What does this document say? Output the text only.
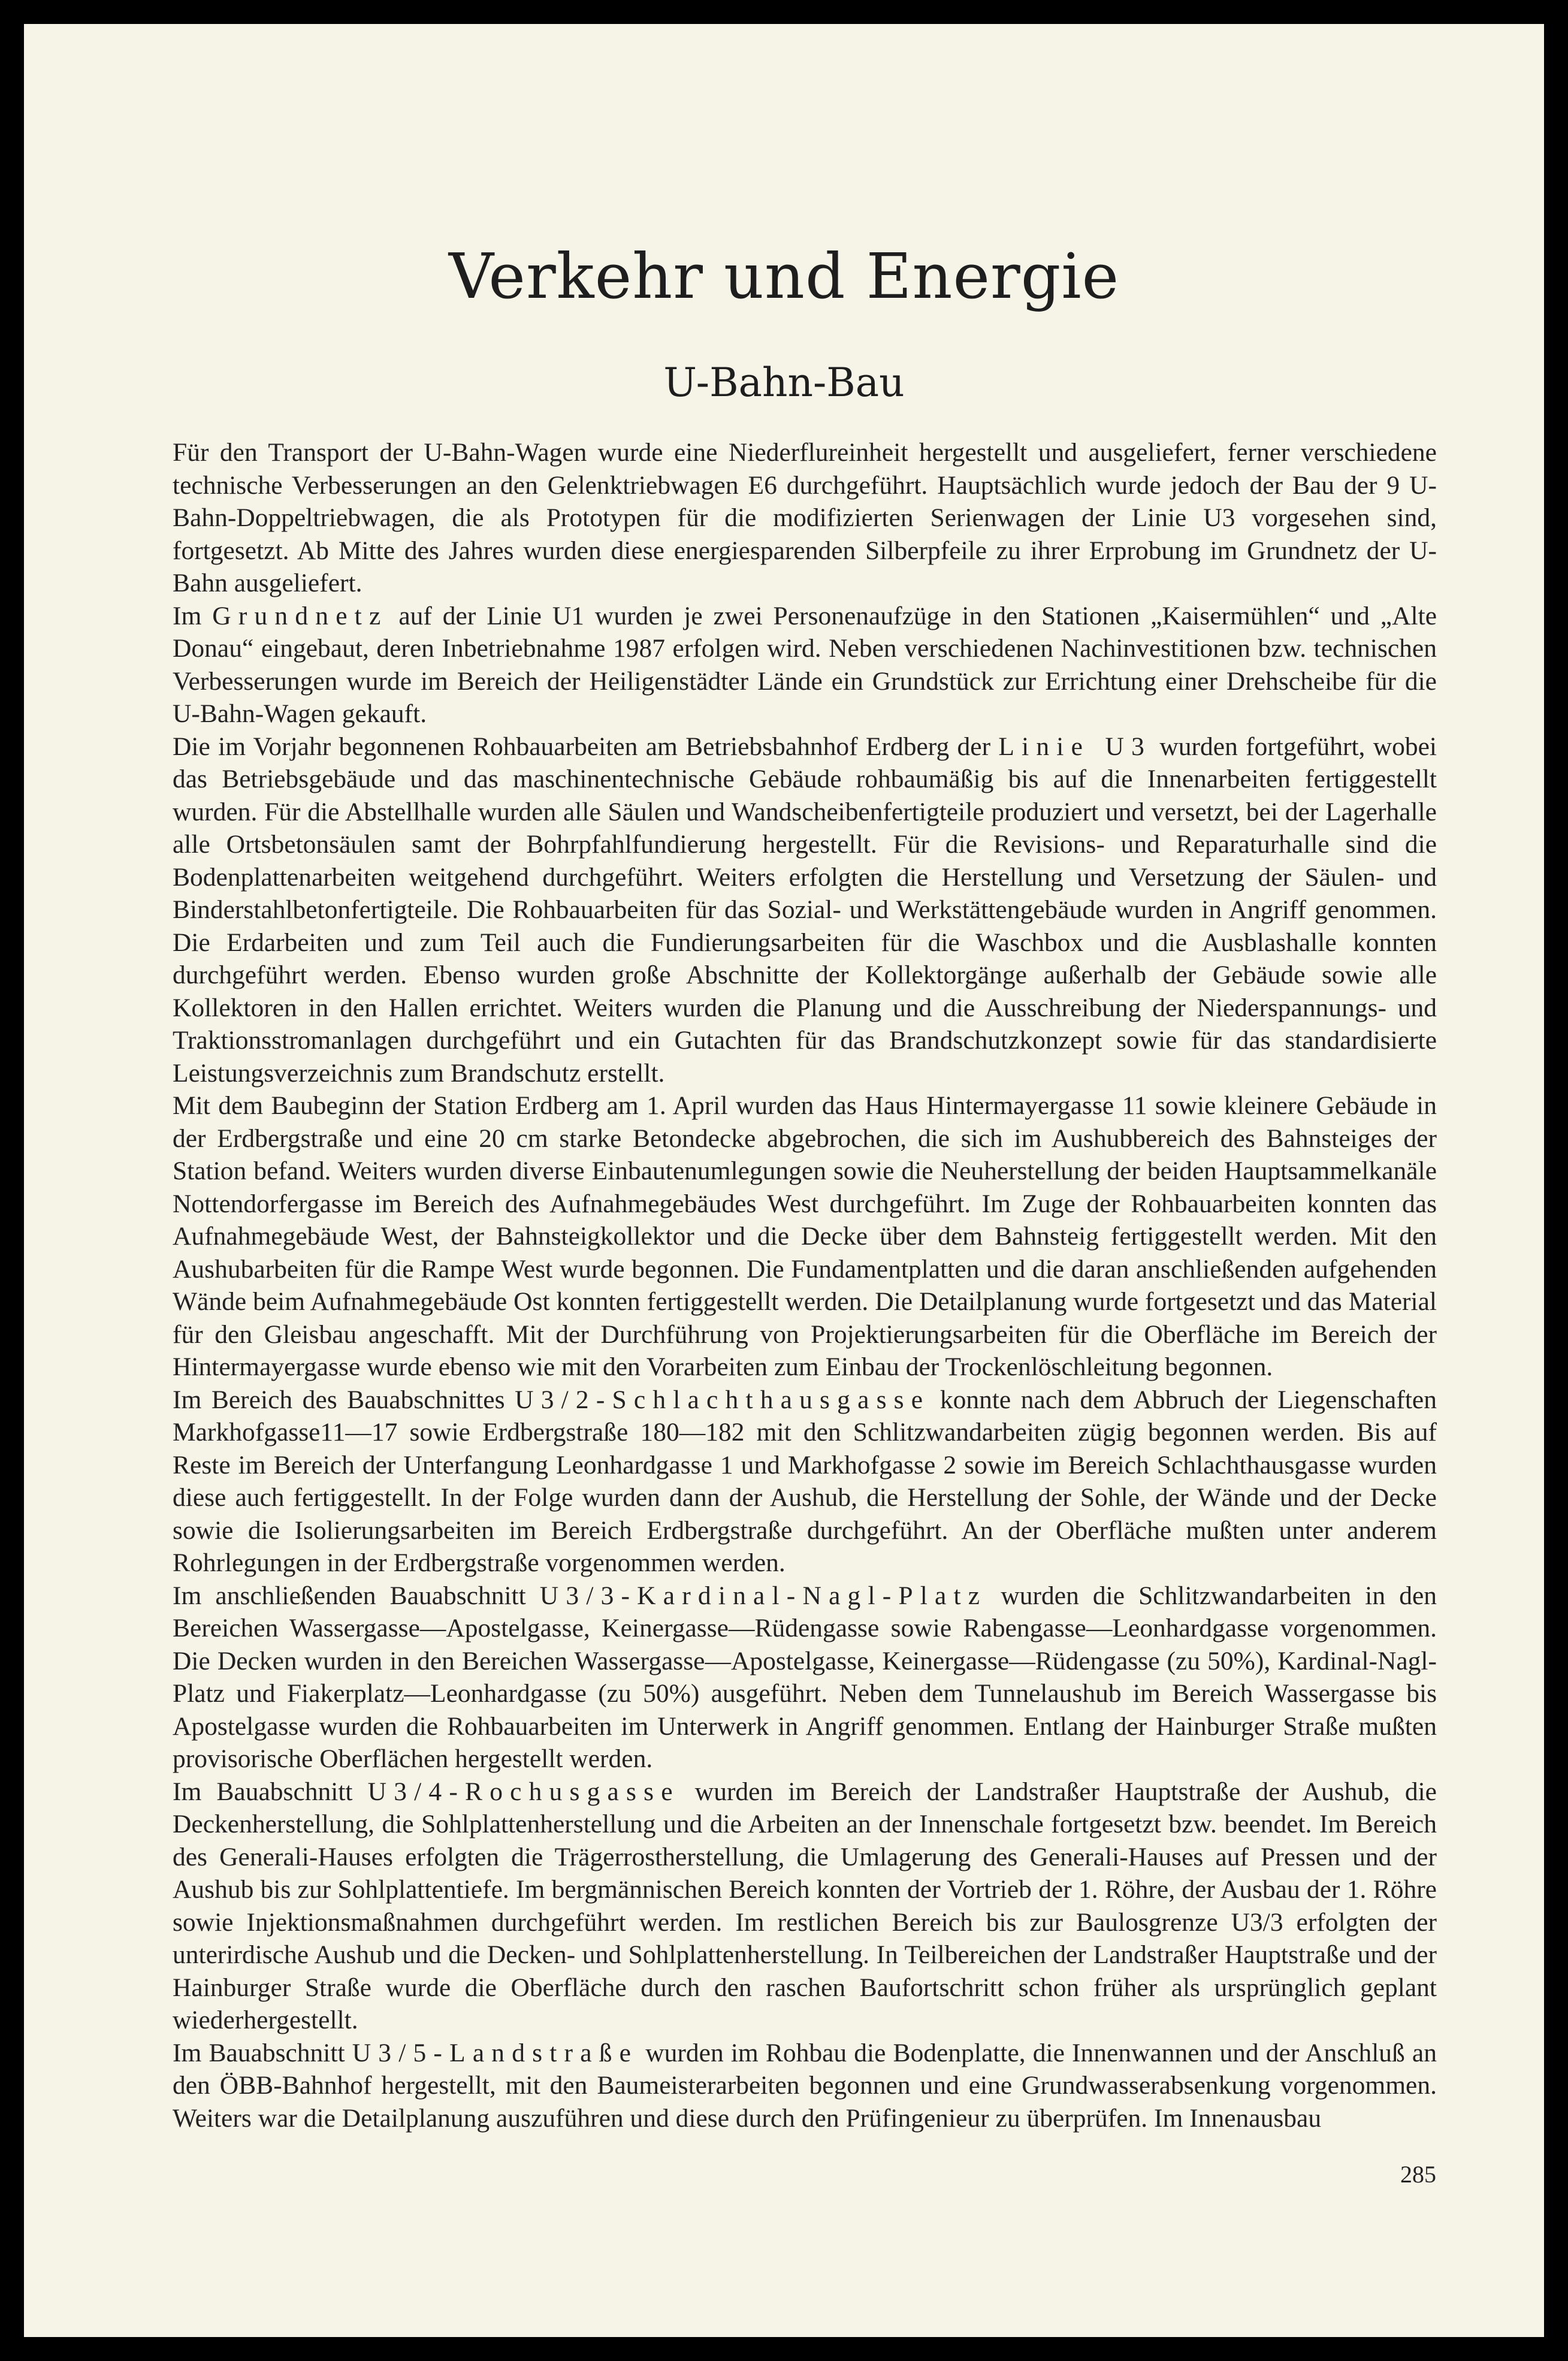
Verkehr und Energie
U-Bahn-Bau

Für den Transport der U-Bahn-Wagen wurde eine Niederflureinheit hergestellt und ausgeliefert, ferner verschiedene technische Verbesserungen an den Gelenktriebwagen E6 durchgeführt. Hauptsächlich wurde jedoch der Bau der 9 U-Bahn-Doppeltriebwagen, die als Prototypen für die modifizierten Serienwagen der Linie U3 vorgesehen sind, fortgesetzt. Ab Mitte des Jahres wurden diese energiesparenden Silberpfeile zu ihrer Erprobung im Grundnetz der U-Bahn ausgeliefert.

Im Grundnetz auf der Linie U1 wurden je zwei Personenaufzüge in den Stationen „Kaisermühlen“ und „Alte Donau“ eingebaut, deren Inbetriebnahme 1987 erfolgen wird. Neben verschiedenen Nachinvestitionen bzw. technischen Verbesserungen wurde im Bereich der Heiligenstädter Lände ein Grundstück zur Errichtung einer Drehscheibe für die U-Bahn-Wagen gekauft.

Die im Vorjahr begonnenen Rohbauarbeiten am Betriebsbahnhof Erdberg der Linie U3 wurden fortgeführt, wobei das Betriebsgebäude und das maschinentechnische Gebäude rohbaumäßig bis auf die Innenarbeiten fertiggestellt wurden. Für die Abstellhalle wurden alle Säulen und Wandscheibenfertigteile produziert und versetzt, bei der Lagerhalle alle Ortsbetonsäulen samt der Bohrpfahlfundierung hergestellt. Für die Revisions- und Reparaturhalle sind die Bodenplattenarbeiten weitgehend durchgeführt. Weiters erfolgten die Herstellung und Versetzung der Säulen- und Binderstahlbetonfertigteile. Die Rohbauarbeiten für das Sozial- und Werkstättengebäude wurden in Angriff genommen. Die Erdarbeiten und zum Teil auch die Fundierungsarbeiten für die Waschbox und die Ausblashalle konnten durchgeführt werden. Ebenso wurden große Abschnitte der Kollektorgänge außerhalb der Gebäude sowie alle Kollektoren in den Hallen errichtet. Weiters wurden die Planung und die Ausschreibung der Niederspannungs- und Traktionsstromanlagen durchgeführt und ein Gutachten für das Brandschutzkonzept sowie für das standardisierte Leistungsverzeichnis zum Brandschutz erstellt.

Mit dem Baubeginn der Station Erdberg am 1. April wurden das Haus Hintermayergasse 11 sowie kleinere Gebäude in der Erdbergstraße und eine 20 cm starke Betondecke abgebrochen, die sich im Aushubbereich des Bahnsteiges der Station befand. Weiters wurden diverse Einbautenumlegungen sowie die Neuherstellung der beiden Hauptsammelkanäle Nottendorfergasse im Bereich des Aufnahmegebäudes West durchgeführt. Im Zuge der Rohbauarbeiten konnten das Aufnahmegebäude West, der Bahnsteigkollektor und die Decke über dem Bahnsteig fertiggestellt werden. Mit den Aushubarbeiten für die Rampe West wurde begonnen. Die Fundamentplatten und die daran anschließenden aufgehenden Wände beim Aufnahmegebäude Ost konnten fertiggestellt werden. Die Detailplanung wurde fortgesetzt und das Material für den Gleisbau angeschafft. Mit der Durchführung von Projektierungsarbeiten für die Oberfläche im Bereich der Hintermayergasse wurde ebenso wie mit den Vorarbeiten zum Einbau der Trockenlöschleitung begonnen.

Im Bereich des Bauabschnittes U3/2-Schlachthausgasse konnte nach dem Abbruch der Liegenschaften Markhofgasse11—17 sowie Erdbergstraße 180—182 mit den Schlitzwandarbeiten zügig begonnen werden. Bis auf Reste im Bereich der Unterfangung Leonhardgasse 1 und Markhofgasse 2 sowie im Bereich Schlachthausgasse wurden diese auch fertiggestellt. In der Folge wurden dann der Aushub, die Herstellung der Sohle, der Wände und der Decke sowie die Isolierungsarbeiten im Bereich Erdbergstraße durchgeführt. An der Oberfläche mußten unter anderem Rohrlegungen in der Erdbergstraße vorgenommen werden.

Im anschließenden Bauabschnitt U3/3-Kardinal-Nagl-Platz wurden die Schlitzwandarbeiten in den Bereichen Wassergasse—Apostelgasse, Keinergasse—Rüdengasse sowie Rabengasse—Leonhardgasse vorgenommen. Die Decken wurden in den Bereichen Wassergasse—Apostelgasse, Keinergasse—Rüdengasse (zu 50%), Kardinal-Nagl-Platz und Fiakerplatz—Leonhardgasse (zu 50%) ausgeführt. Neben dem Tunnelaushub im Bereich Wassergasse bis Apostelgasse wurden die Rohbauarbeiten im Unterwerk in Angriff genommen. Entlang der Hainburger Straße mußten provisorische Oberflächen hergestellt werden.

Im Bauabschnitt U3/4-Rochusgasse wurden im Bereich der Landstraßer Hauptstraße der Aushub, die Deckenherstellung, die Sohlplattenherstellung und die Arbeiten an der Innenschale fortgesetzt bzw. beendet. Im Bereich des Generali-Hauses erfolgten die Trägerrostherstellung, die Umlagerung des Generali-Hauses auf Pressen und der Aushub bis zur Sohlplattentiefe. Im bergmännischen Bereich konnten der Vortrieb der 1. Röhre, der Ausbau der 1. Röhre sowie Injektionsmaßnahmen durchgeführt werden. Im restlichen Bereich bis zur Baulosgrenze U3/3 erfolgten der unterirdische Aushub und die Decken- und Sohlplattenherstellung. In Teilbereichen der Landstraßer Hauptstraße und der Hainburger Straße wurde die Oberfläche durch den raschen Baufortschritt schon früher als ursprünglich geplant wiederhergestellt.

Im Bauabschnitt U3/5-Landstraße wurden im Rohbau die Bodenplatte, die Innenwannen und der Anschluß an den ÖBB-Bahnhof hergestellt, mit den Baumeisterarbeiten begonnen und eine Grundwasserabsenkung vorgenommen. Weiters war die Detailplanung auszuführen und diese durch den Prüfingenieur zu überprüfen. Im Innenausbau

285
